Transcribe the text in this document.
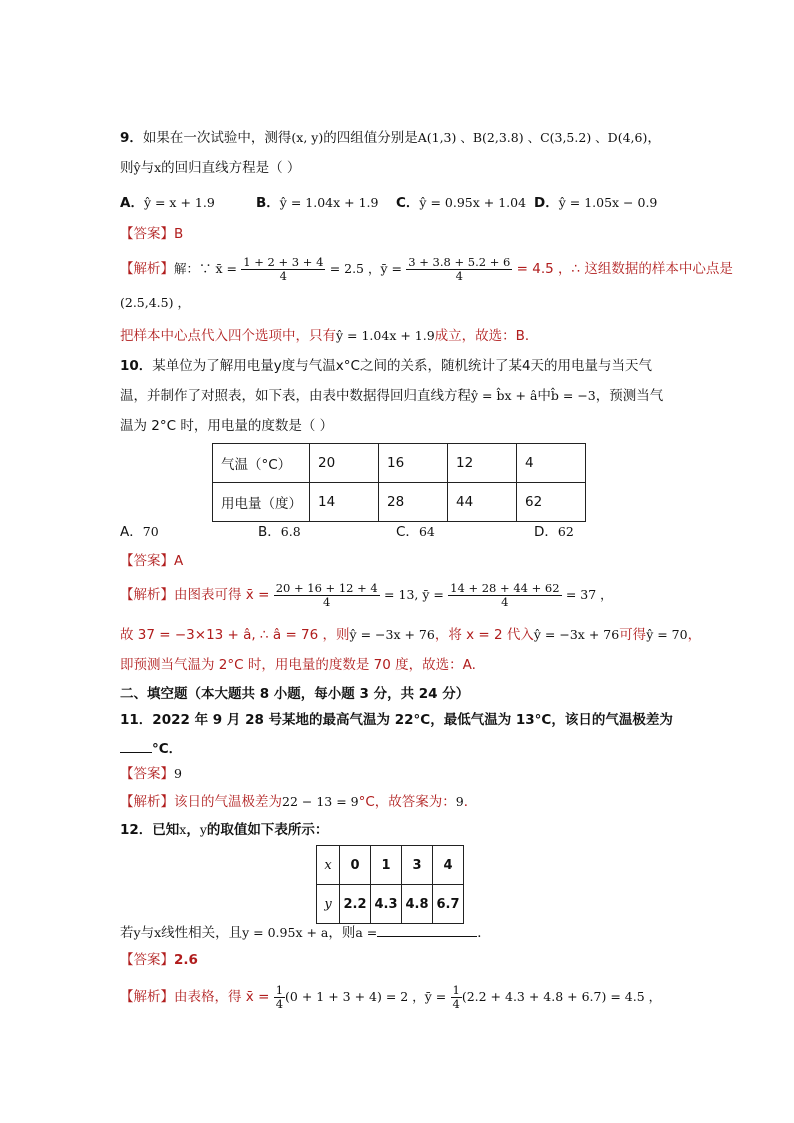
9．如果在一次试验中，测得(x, y)的四组值分别是A(1,3) 、B(2,3.8) 、C(3,5.2) 、D(4,6)，
则ŷ与x的回归直线方程是（ ）
A．ŷ = x + 1.9	B．ŷ = 1.04x + 1.9 C．ŷ = 0.95x + 1.04 D．ŷ = 1.05x − 0.9
【答案】B
【解析】解：∵ x̄ = $\frac{1 + 2 + 3 + 4}{4} = 2.5$ ，ȳ = $\frac{3 + 3.8 + 5.2 + 6}{4} = 4.5$ ，∴ 这组数据的样本中心点是
(2.5,4.5) ，
把样本中心点代入四个选项中，只有ŷ = 1.04x + 1.9成立，故选：B．
10．某单位为了解用电量y度与气温x°C之间的关系，随机统计了某4天的用电量与当天气
温，并制作了对照表，如下表，由表中数据得回归直线方程ŷ = b̂x + â中b̂ = −3，预测当气
温为 2°C 时，用电量的度数是（ ）
气温（°C）	20	16	12	4
用电量（度）	14	28	44	62
A．70	B．6.8	C．64	D．62
【答案】A
【解析】由图表可得 x̄ = $\frac{20 + 16 + 12 + 4}{4} = 13$, ȳ = $\frac{14 + 28 + 44 + 62}{4} = 37$ ，
故 37 = −3×13 + â, ∴ â = 76 ，则ŷ = −3x + 76，将 x = 2 代入ŷ = −3x + 76可得ŷ = 70，
即预测当气温为 2°C 时，用电量的度数是 70 度，故选：A.
二、填空题（本大题共 8 小题，每小题 3 分，共 24 分）
11．2022 年 9 月 28 号某地的最高气温为 22°C，最低气温为 13°C，该日的气温极差为
°C．
【答案】9
【解析】该日的气温极差为22 − 13 = 9°C，故答案为：9．
12．已知x，y的取值如下表所示：
x	0	1	3	4
y	2.2	4.3	4.8	6.7
若y与x线性相关，且y = 0.95x + a，则a =	．
【答案】2.6
【解析】由表格，得 x̄ = $\frac{1}{4} (0 + 1 + 3 + 4) = 2$ ，ȳ = $\frac{1}{4} (2.2 + 4.3 + 4.8 + 6.7) = 4.5$ ，
